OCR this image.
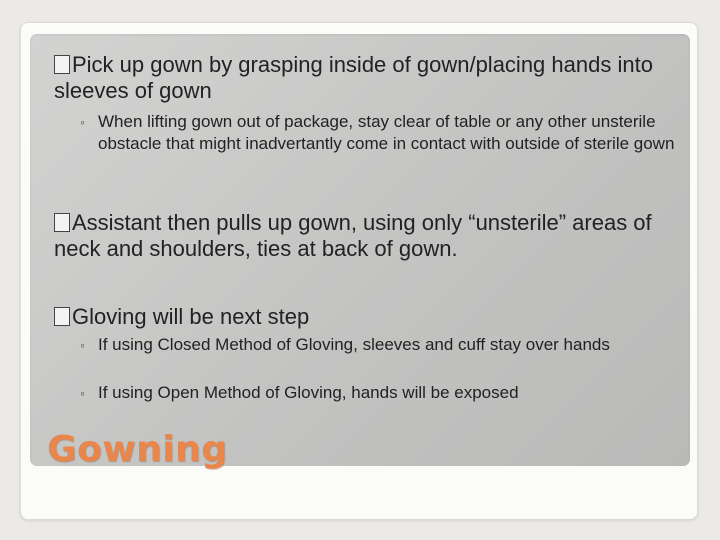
Pick up gown by grasping inside of gown/placing hands into sleeves of gown
◦ When lifting gown out of package, stay clear of table or any other unsterile obstacle that might inadvertantly come in contact with outside of sterile gown
Assistant then pulls up gown, using only “unsterile” areas of neck and shoulders, ties at back of gown.
Gloving will be next step
◦ If using Closed Method of Gloving, sleeves and cuff stay over hands
◦ If using Open Method of Gloving, hands will be exposed
Gowning
